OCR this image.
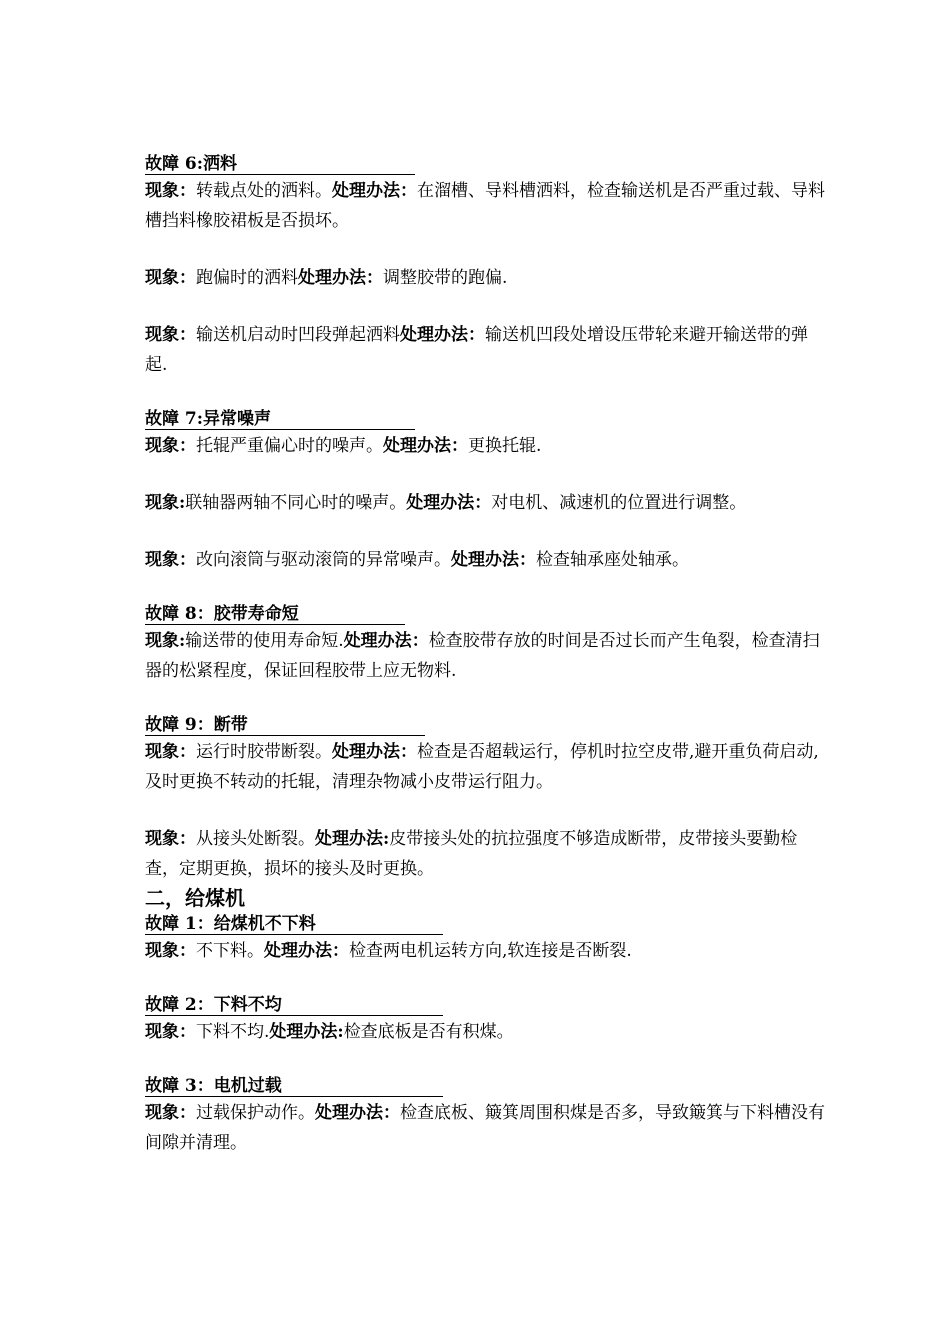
故障 6:洒料

现象：转载点处的洒料。处理办法：在溜槽、导料槽洒料，检查输送机是否严重过载、导料槽挡料橡胶裙板是否损坏。

现象：跑偏时的洒料处理办法：调整胶带的跑偏.

现象：输送机启动时凹段弹起洒料处理办法：输送机凹段处增设压带轮来避开输送带的弹起.

故障 7:异常噪声

现象：托辊严重偏心时的噪声。处理办法：更换托辊.

现象:联轴器两轴不同心时的噪声。处理办法：对电机、减速机的位置进行调整。

现象：改向滚筒与驱动滚筒的异常噪声。处理办法：检查轴承座处轴承。

故障 8：胶带寿命短

现象:输送带的使用寿命短.处理办法：检查胶带存放的时间是否过长而产生龟裂，检查清扫器的松紧程度，保证回程胶带上应无物料.

故障 9：断带

现象：运行时胶带断裂。处理办法：检查是否超载运行，停机时拉空皮带,避开重负荷启动,及时更换不转动的托辊，清理杂物减小皮带运行阻力。

现象：从接头处断裂。处理办法:皮带接头处的抗拉强度不够造成断带，皮带接头要勤检查，定期更换，损坏的接头及时更换。

二，给煤机
故障 1：给煤机不下料

现象：不下料。处理办法：检查两电机运转方向,软连接是否断裂.

故障 2：下料不均

现象：下料不均.处理办法:检查底板是否有积煤。

故障 3：电机过载

现象：过载保护动作。处理办法：检查底板、簸箕周围积煤是否多，导致簸箕与下料槽没有间隙并清理。
